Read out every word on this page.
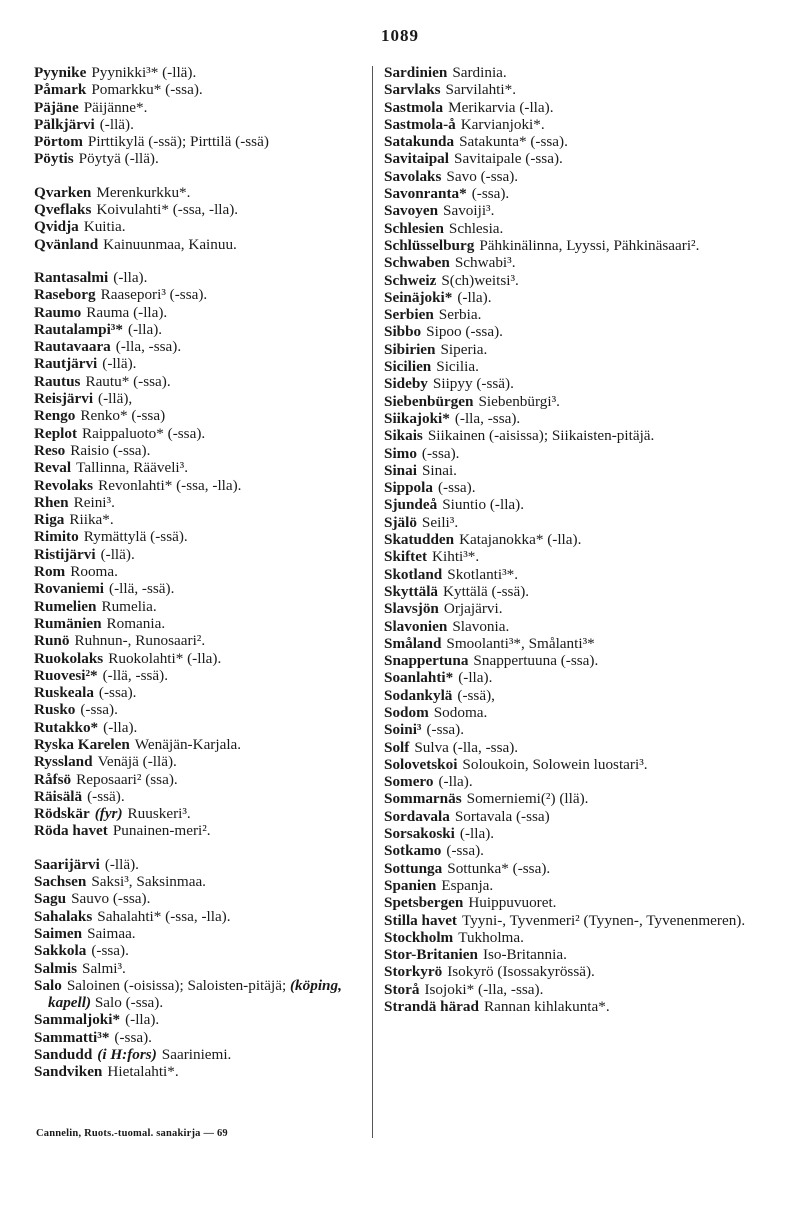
1089
Pyynike Pyynikki³* (-llä).
Påmark Pomarkku* (-ssa).
Päjäne Päijänne*.
Pälkjärvi (-llä).
Pörtom Pirttikylä (-ssä); Pirttilä (-ssä)
Pöytis Pöytyä (-llä).
Qvarken Merenkurkku*.
Qveflaks Koivulahti* (-ssa, -lla).
Qvidja Kuitia.
Qvänland Kainuunmaa, Kainuu.
Rantasalmi (-lla).
Raseborg Raasepori³ (-ssa).
Raumo Rauma (-lla).
Rautalampi³* (-lla).
Rautavaara (-lla, -ssa).
Rautjärvi (-llä).
Rautus Rautu* (-ssa).
Reisjärvi (-llä),
Rengo Renko* (-ssa)
Replot Raippaluoto* (-ssa).
Reso Raisio (-ssa).
Reval Tallinna, Rääveli³.
Revolaks Revonlahti* (-ssa, -lla).
Rhen Reini³.
Riga Riika*.
Rimito Rymättylä (-ssä).
Ristijärvi (-llä).
Rom Rooma.
Rovaniemi (-llä, -ssä).
Rumelien Rumelia.
Rumänien Romania.
Runö Ruhnun-, Runosaari².
Ruokolaks Ruokolahti* (-lla).
Ruovesi²* (-llä, -ssä).
Ruskeala (-ssa).
Rusko (-ssa).
Rutakko* (-lla).
Ryska Karelen Wenäjän-Karjala.
Ryssland Venäjä (-llä).
Råfsö Reposaari² (ssa).
Räisälä (-ssä).
Rödskär (fyr) Ruuskeri³.
Röda havet Punainen-meri².
Saarijärvi (-llä).
Sachsen Saksi³, Saksinmaa.
Sagu Sauvo (-ssa).
Sahalaks Sahalahti* (-ssa, -lla).
Saimen Saimaa.
Sakkola (-ssa).
Salmis Salmi³.
Salo Saloinen (-oisissa); Saloisten-pitäjä; (köping, kapell) Salo (-ssa).
Sammaljoki* (-lla).
Sammatti³* (-ssa).
Sandudd (i H:fors) Saariniemi.
Sandviken Hietalahti*.
Sardinien Sardinia.
Sarvlaks Sarvilahti*.
Sastmola Merikarvia (-lla).
Sastmola-å Karvianjoki*.
Satakunda Satakunta* (-ssa).
Savitaipal Savitaipale (-ssa).
Savolaks Savo (-ssa).
Savonranta* (-ssa).
Savoyen Savoiji³.
Schlesien Schlesia.
Schlüsselburg Pähkinälinna, Lyyssi, Pähkinäsaari².
Schwaben Schwabi³.
Schweiz S(ch)weitsi³.
Seinäjoki* (-lla).
Serbien Serbia.
Sibbo Sipoo (-ssa).
Sibirien Siperia.
Sicilien Sicilia.
Sideby Siipyy (-ssä).
Siebenbürgen Siebenbürgi³.
Siikajoki* (-lla, -ssa).
Sikais Siikainen (-aisissa); Siikaisten-pitäjä.
Simo (-ssa).
Sinai Sinai.
Sippola (-ssa).
Sjundeå Siuntio (-lla).
Själö Seili³.
Skatudden Katajanokka* (-lla).
Skiftet Kihti³*.
Skotland Skotlanti³*.
Skyttälä Kyttälä (-ssä).
Slavsjön Orjajärvi.
Slavonien Slavonia.
Småland Smoolanti³*, Smålanti³*
Snappertuna Snappertuuna (-ssa).
Soanlahti* (-lla).
Sodankylä (-ssä),
Sodom Sodoma.
Soini³ (-ssa).
Solf Sulva (-lla, -ssa).
Solovetskoi Soloukoin, Solowein luostari³.
Somero (-lla).
Sommarnäs Somerniemi(²) (llä).
Sordavala Sortavala (-ssa)
Sorsakoski (-lla).
Sotkamo (-ssa).
Sottunga Sottunka* (-ssa).
Spanien Espanja.
Spetsbergen Huippuvuoret.
Stilla havet Tyyni-, Tyvenmeri² (Tyynen-, Tyvenenmeren).
Stockholm Tukholma.
Stor-Britanien Iso-Britannia.
Storkyrö Isokyrö (Isossakyrössä).
Storå Isojoki* (-lla, -ssa).
Strandä härad Rannan kihlakunta*.
Cannelin, Ruots.-tuomal. sanakirja — 69
